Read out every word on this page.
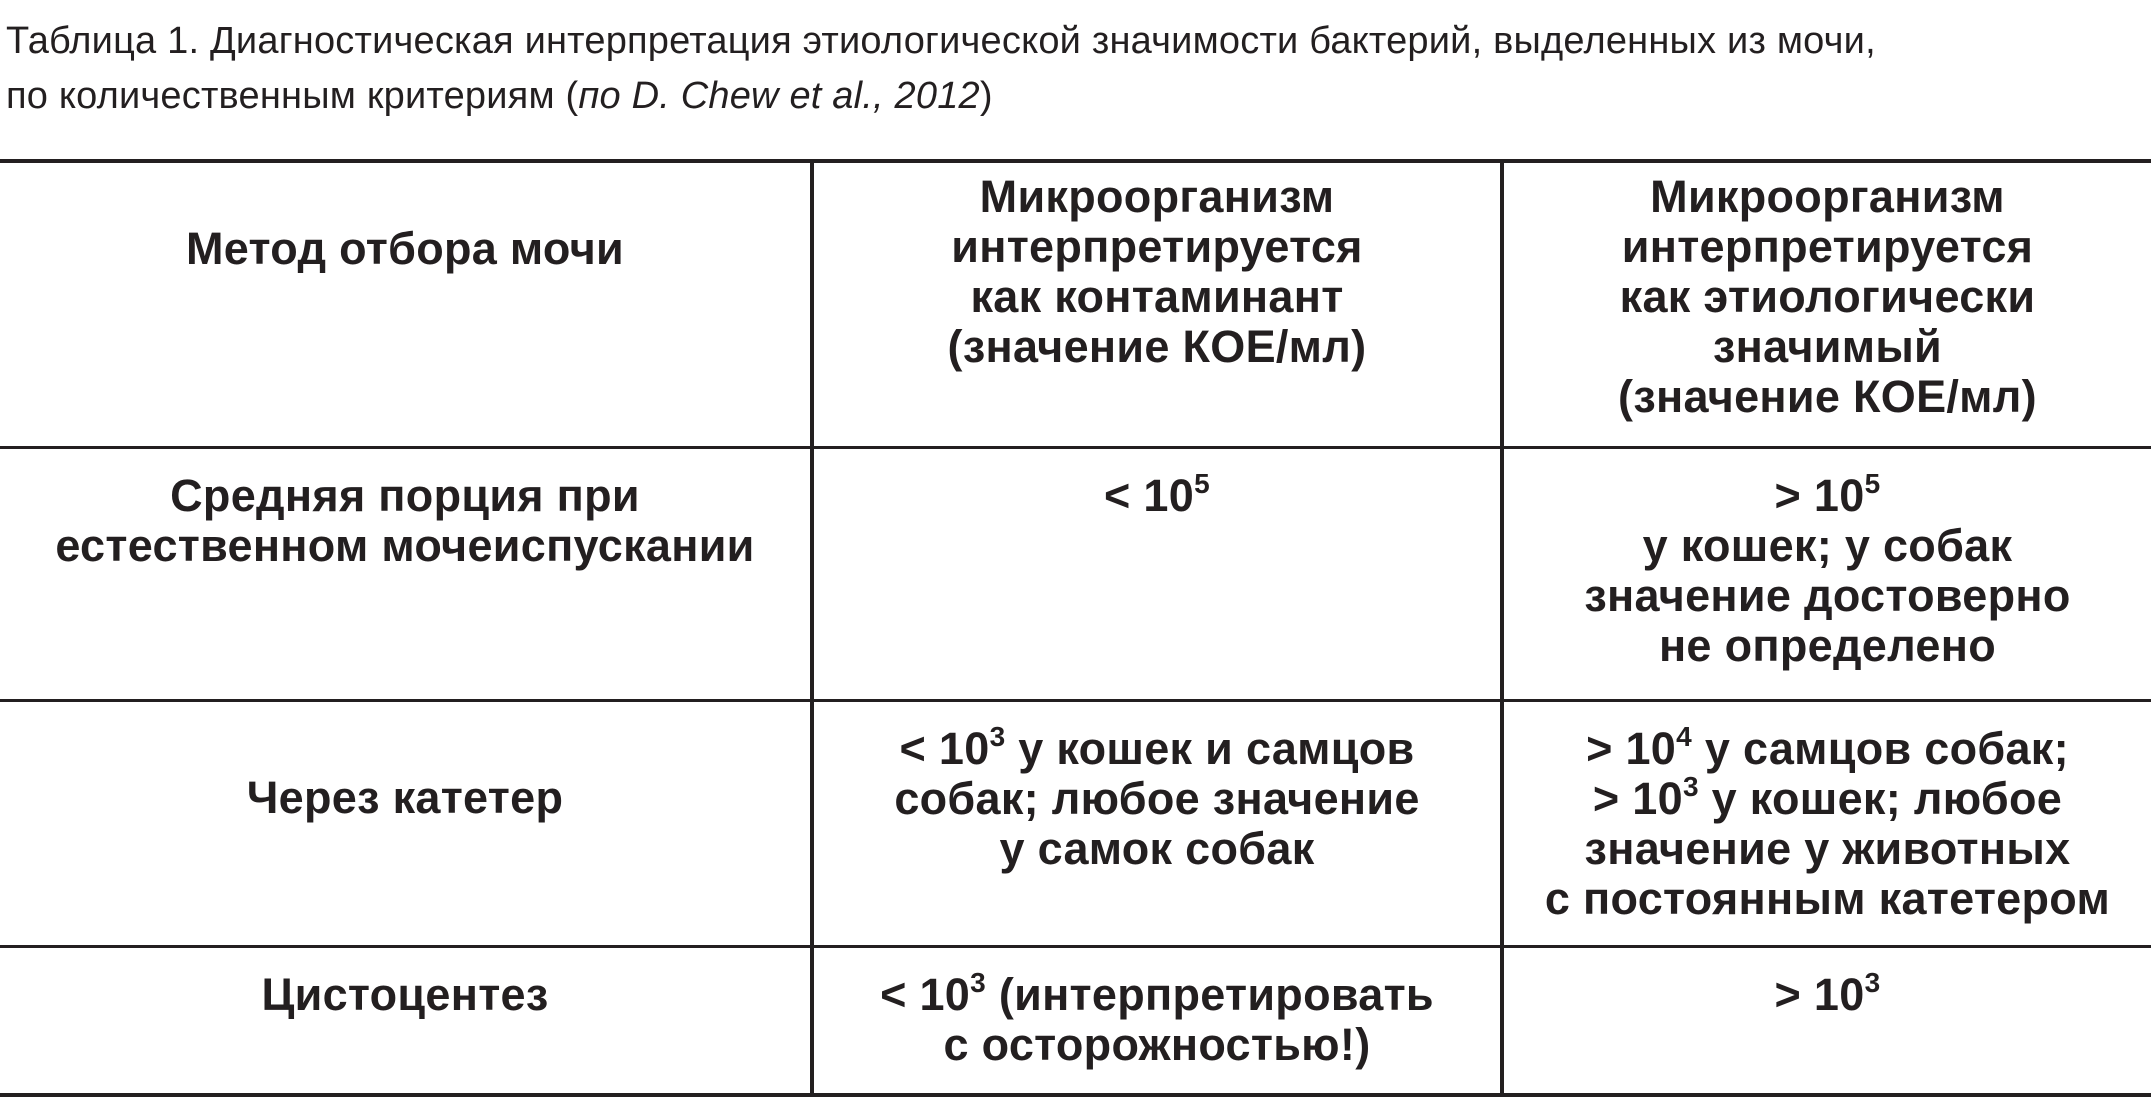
Таблица 1. Диагностическая интерпретация этиологической значимости бактерий, выделенных из мочи,
по количественным критериям (по D. Chew et al., 2012)
Метод отбора мочи
Микроорганизм
интерпретируется
как контаминант
(значение КОЕ/мл)
Микроорганизм
интерпретируется
как этиологически
значимый
(значение КОЕ/мл)
Средняя порция при
естественном мочеиспускании
< $10^5$	> $10^5$
у кошек; у собак
значение достоверно
не определено
Через катетер
< $10^3$ у кошек и самцов
собак; любое значение
у самок собак
> $10^4$ у самцов собак;
> $10^3$ у кошек; любое
значение у животных
с постоянным катетером
Цистоцентез	< $10^3$ (интерпретировать
с осторожностью!)
> $10^3$
